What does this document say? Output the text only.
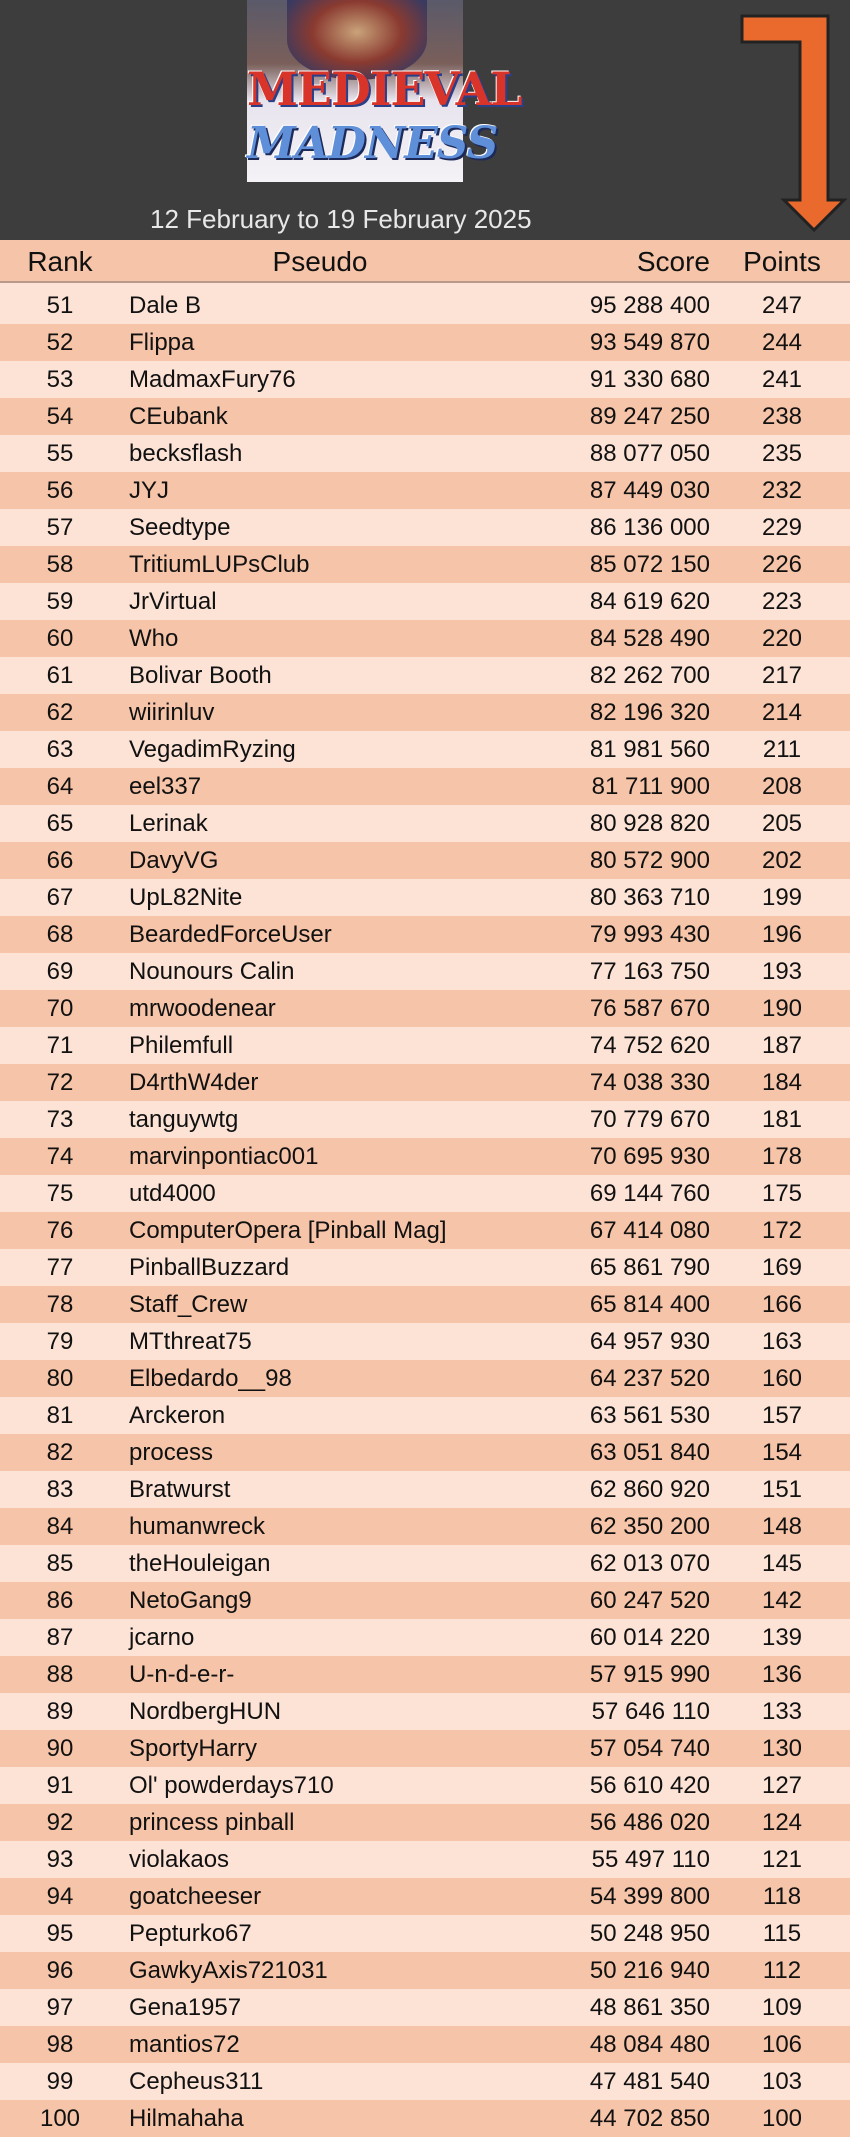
MEDIEVAL
MADNESS
12 February to 19 February 2025
Rank	Pseudo	Score	Points
51	Dale B	95 288 400	247
52	Flippa	93 549 870	244
53	MadmaxFury76	91 330 680	241
54	CEubank	89 247 250	238
55	becksflash	88 077 050	235
56	JYJ	87 449 030	232
57	Seedtype	86 136 000	229
58	TritiumLUPsClub	85 072 150	226
59	JrVirtual	84 619 620	223
60	Who	84 528 490	220
61	Bolivar Booth	82 262 700	217
62	wiirinluv	82 196 320	214
63	VegadimRyzing	81 981 560	211
64	eel337	81 711 900	208
65	Lerinak	80 928 820	205
66	DavyVG	80 572 900	202
67	UpL82Nite	80 363 710	199
68	BeardedForceUser	79 993 430	196
69	Nounours Calin	77 163 750	193
70	mrwoodenear	76 587 670	190
71	Philemfull	74 752 620	187
72	D4rthW4der	74 038 330	184
73	tanguywtg	70 779 670	181
74	marvinpontiac001	70 695 930	178
75	utd4000	69 144 760	175
76	ComputerOpera [Pinball Mag]	67 414 080	172
77	PinballBuzzard	65 861 790	169
78	Staff_Crew	65 814 400	166
79	MTthreat75	64 957 930	163
80	Elbedardo__98	64 237 520	160
81	Arckeron	63 561 530	157
82	process	63 051 840	154
83	Bratwurst	62 860 920	151
84	humanwreck	62 350 200	148
85	theHouleigan	62 013 070	145
86	NetoGang9	60 247 520	142
87	jcarno	60 014 220	139
88	U-n-d-e-r-	57 915 990	136
89	NordbergHUN	57 646 110	133
90	SportyHarry	57 054 740	130
91	Ol' powderdays710	56 610 420	127
92	princess pinball	56 486 020	124
93	violakaos	55 497 110	121
94	goatcheeser	54 399 800	118
95	Pepturko67	50 248 950	115
96	GawkyAxis721031	50 216 940	112
97	Gena1957	48 861 350	109
98	mantios72	48 084 480	106
99	Cepheus311	47 481 540	103
100	Hilmahaha	44 702 850	100
